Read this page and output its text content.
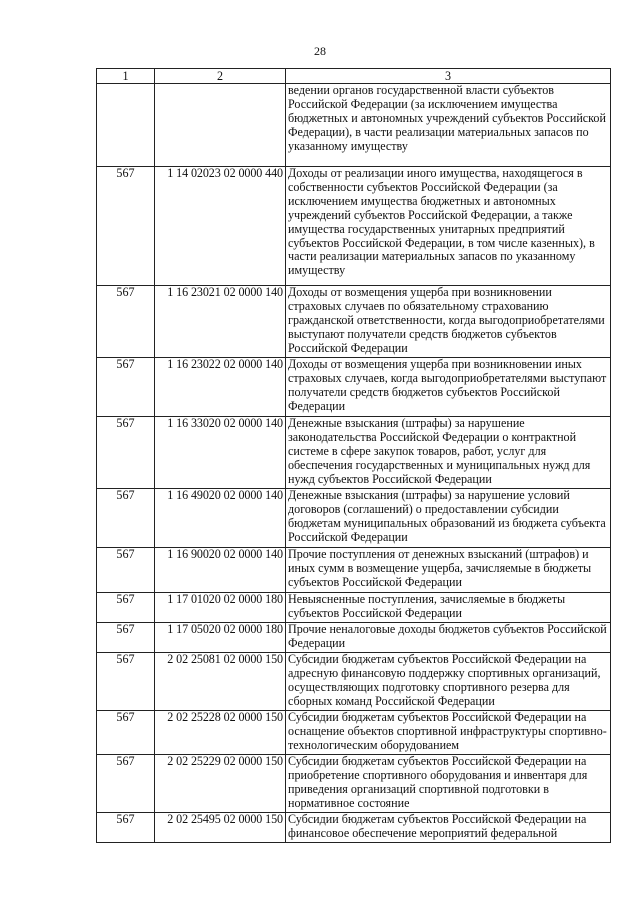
28
1	2	3
		ведении органов государственной власти субъектов Российской Федерации (за исключением имущества бюджетных и автономных учреждений субъектов Российской Федерации), в части реализации материальных запасов по указанному имуществу
567	1 14 02023 02 0000 440	Доходы от реализации иного имущества, находящегося в собственности субъектов Российской Федерации (за исключением имущества бюджетных и автономных учреждений субъектов Российской Федерации, а также имущества государственных унитарных предприятий субъектов Российской Федерации, в том числе казенных), в части реализации материальных запасов по указанному имуществу
567	1 16 23021 02 0000 140	Доходы от возмещения ущерба при возникновении страховых случаев по обязательному страхованию гражданской ответственности, когда выгодоприобретателями выступают получатели средств бюджетов субъектов Российской Федерации
567	1 16 23022 02 0000 140	Доходы от возмещения ущерба при возникновении иных страховых случаев, когда выгодоприобретателями выступают получатели средств бюджетов субъектов Российской Федерации
567	1 16 33020 02 0000 140	Денежные взыскания (штрафы) за нарушение законодательства Российской Федерации о контрактной системе в сфере закупок товаров, работ, услуг для обеспечения государственных и муниципальных нужд для нужд субъектов Российской Федерации
567	1 16 49020 02 0000 140	Денежные взыскания (штрафы) за нарушение условий договоров (соглашений) о предоставлении субсидии бюджетам муниципальных образований из бюджета субъекта Российской Федерации
567	1 16 90020 02 0000 140	Прочие поступления от денежных взысканий (штрафов) и иных сумм в возмещение ущерба, зачисляемые в бюджеты субъектов Российской Федерации
567	1 17 01020 02 0000 180	Невыясненные поступления, зачисляемые в бюджеты субъектов Российской Федерации
567	1 17 05020 02 0000 180	Прочие неналоговые доходы бюджетов субъектов Российской Федерации
567	2 02 25081 02 0000 150	Субсидии бюджетам субъектов Российской Федерации на адресную финансовую поддержку спортивных организаций, осуществляющих подготовку спортивного резерва для сборных команд Российской Федерации
567	2 02 25228 02 0000 150	Субсидии бюджетам субъектов Российской Федерации на оснащение объектов спортивной инфраструктуры спортивно-технологическим оборудованием
567	2 02 25229 02 0000 150	Субсидии бюджетам субъектов Российской Федерации на приобретение спортивного оборудования и инвентаря для приведения организаций спортивной подготовки в нормативное состояние
567	2 02 25495 02 0000 150	Субсидии бюджетам субъектов Российской Федерации на финансовое обеспечение мероприятий федеральной
